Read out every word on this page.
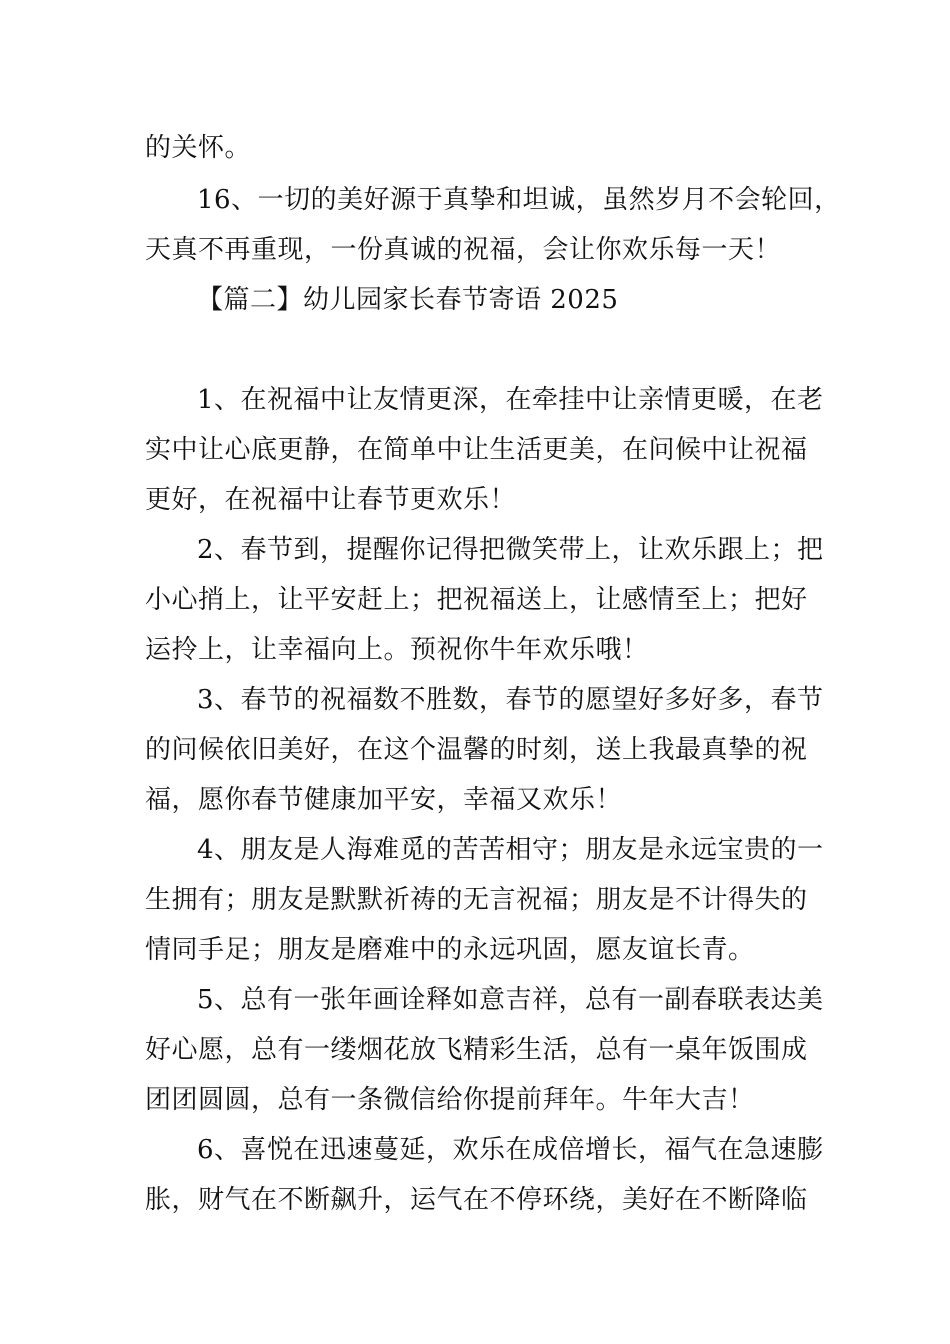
的关怀。

16、一切的美好源于真挚和坦诚，虽然岁月不会轮回，

天真不再重现，一份真诚的祝福，会让你欢乐每一天！

【篇二】幼儿园家长春节寄语 2025

1、在祝福中让友情更深，在牵挂中让亲情更暖，在老

实中让心底更静，在简单中让生活更美，在问候中让祝福

更好，在祝福中让春节更欢乐！

2、春节到，提醒你记得把微笑带上，让欢乐跟上；把

小心捎上，让平安赶上；把祝福送上，让感情至上；把好

运拎上，让幸福向上。预祝你牛年欢乐哦！

3、春节的祝福数不胜数，春节的愿望好多好多，春节

的问候依旧美好，在这个温馨的时刻，送上我最真挚的祝

福，愿你春节健康加平安，幸福又欢乐！

4、朋友是人海难觅的苦苦相守；朋友是永远宝贵的一

生拥有；朋友是默默祈祷的无言祝福；朋友是不计得失的

情同手足；朋友是磨难中的永远巩固，愿友谊长青。

5、总有一张年画诠释如意吉祥，总有一副春联表达美

好心愿，总有一缕烟花放飞精彩生活，总有一桌年饭围成

团团圆圆，总有一条微信给你提前拜年。牛年大吉！

6、喜悦在迅速蔓延，欢乐在成倍增长，福气在急速膨

胀，财气在不断飙升，运气在不停环绕，美好在不断降临
